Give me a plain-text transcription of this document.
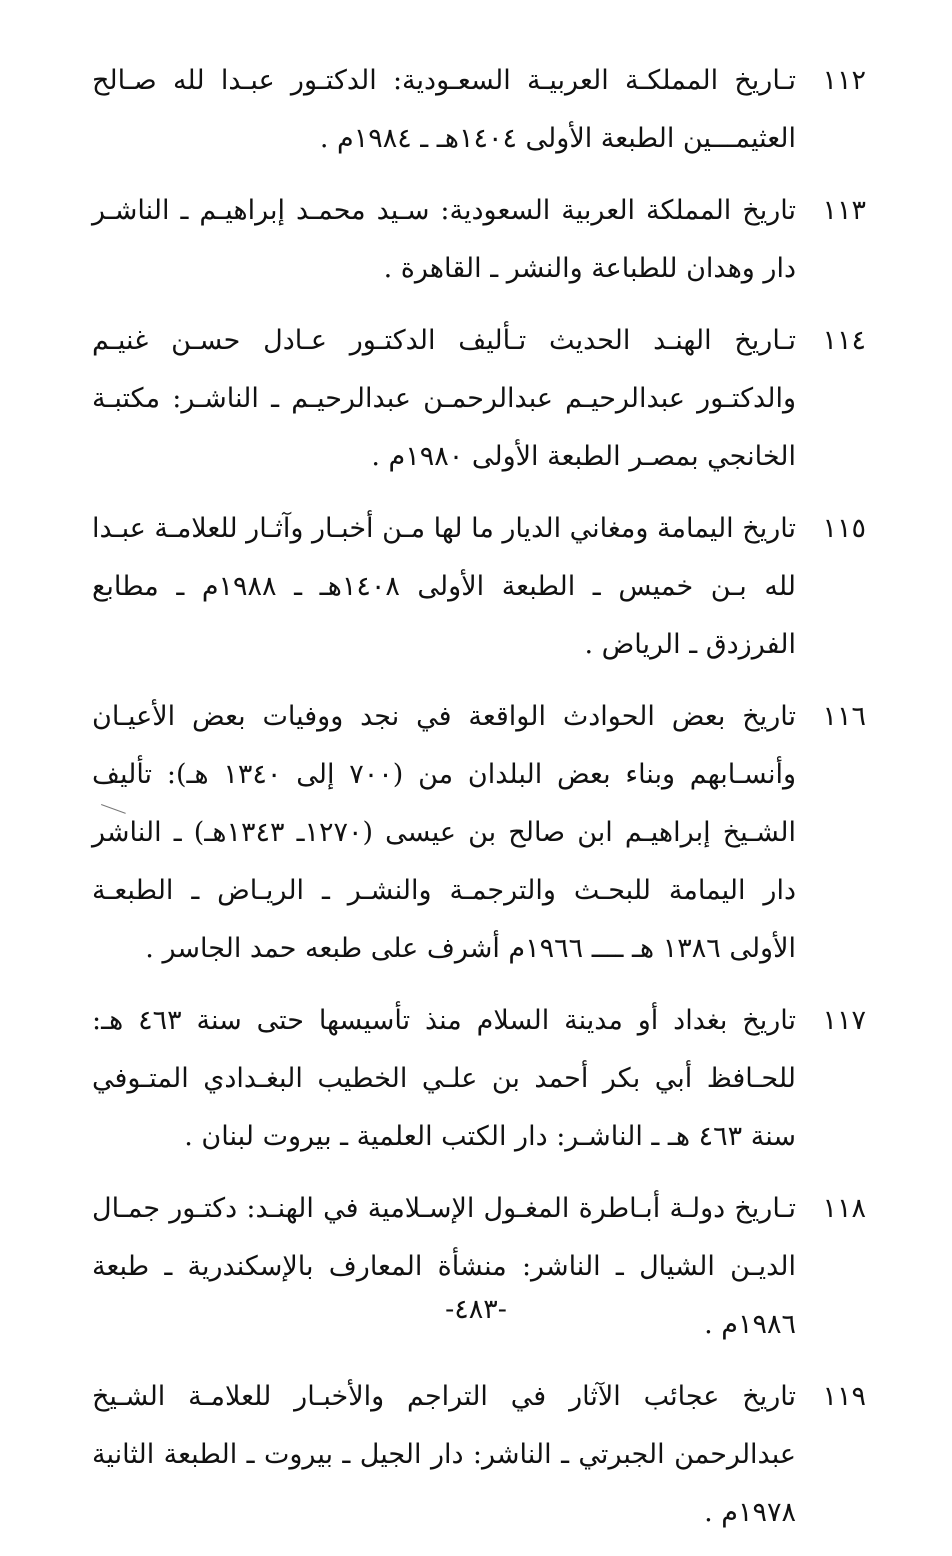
١١٢
تـاريخ المملكـة العربيـة السعـودية: الدكتـور عبـدا لله صـالح العثيمـــين الطبعة الأولى ١٤٠٤هـ ـ ١٩٨٤م .
١١٣
تاريخ المملكة العربية السعودية: سـيد محمـد إبراهيـم ـ الناشـر دار وهدان للطباعة والنشر ـ القاهرة .
١١٤
تـاريخ الهنـد الحديث تـأليف الدكتـور عـادل حسـن غنيـم والدكتـور عبدالرحيـم عبدالرحمـن عبدالرحيـم ـ الناشـر: مكتبـة الخانجي بمصـر الطبعة الأولى ١٩٨٠م .
١١٥
تاريخ اليمامة ومغاني الديار ما لها مـن أخبـار وآثـار للعلامـة عبـدا لله بـن خميس ـ الطبعة الأولى ١٤٠٨هـ ـ ١٩٨٨م ـ مطابع الفرزدق ـ الرياض .
١١٦
تاريخ بعض الحوادث الواقعة في نجد ووفيات بعض الأعيـان وأنسـابهم وبناء بعض البلدان من (٧٠٠ إلى ١٣٤٠ هـ): تأليف الشـيخ إبراهيـم ابن صالح بن عيسى (١٢٧٠ـ ١٣٤٣هـ) ـ الناشر دار اليمامة للبحـث والترجمـة والنشـر ـ الريـاض ـ الطبعـة الأولى ١٣٨٦ هـ ــــ ١٩٦٦م أشرف على طبعه حمد الجاسر .
١١٧
تاريخ بغداد أو مدينة السلام منذ تأسيسها حتى سنة ٤٦٣ هـ: للحـافظ أبي بكر أحمد بن علـي الخطيب البغـدادي المتـوفي سنة ٤٦٣ هـ ـ الناشـر: دار الكتب العلمية ـ بيروت لبنان .
١١٨
تـاريخ دولـة أبـاطرة المغـول الإسـلامية في الهنـد: دكتـور جمـال الديـن الشيال ـ الناشر: منشأة المعارف بالإسكندرية ـ طبعة ١٩٨٦م .
١١٩
تاريخ عجائب الآثار في التراجم والأخبـار للعلامـة الشـيخ عبدالرحمن الجبرتي ـ الناشر: دار الجيل ـ بيروت ـ الطبعة الثانية ١٩٧٨م .
-٤٨٣-
